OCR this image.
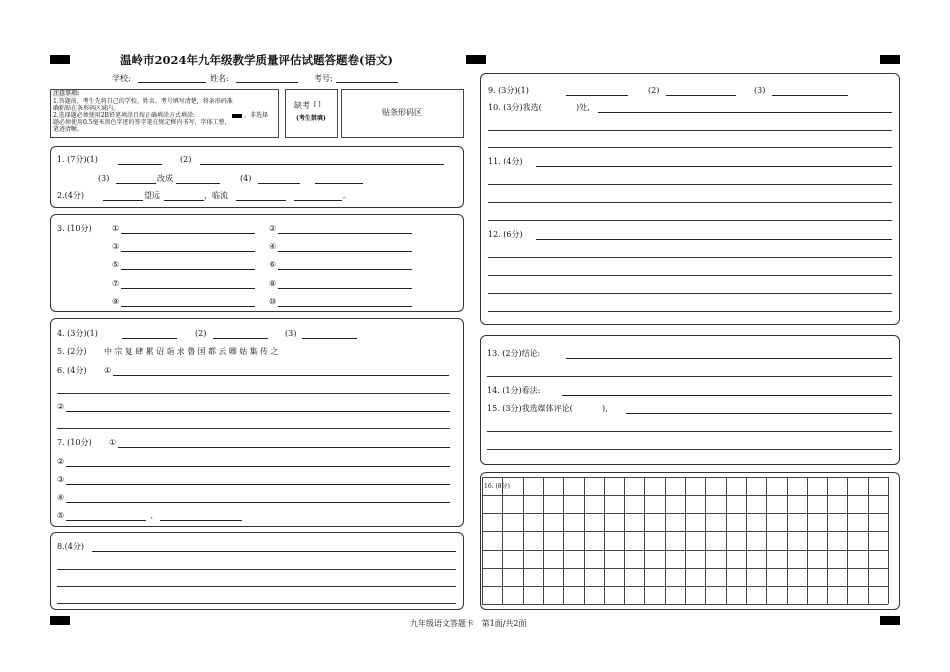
温岭市2024年九年级教学质量评估试题答题卷(语文)
学校:	姓名:	考号:
注意事项:
1.答题前，考生先将自己的学校、姓名、考号填写清楚，将条形码准
确粘贴在条形码区域内。
2.选择题必须使用2B铅笔填涂且按正确填涂方式填涂:	，非选择
题必须使用0.5毫米黑色字迹的签字笔在规定框内书写，字体工整,
笔迹清晰。
缺考 [ ]
(考生禁填)
贴条形码区
1. (7分)(1)	(2)
(3)	改成	(4)
2.(4分)	望远	，临流	。
3. (10分)	①	②
③	④
⑤	⑥
⑦	⑧
⑨	⑩
4. (3分)(1)	(2)	(3)
5. (2分) 中宗复肆累诏诣求鲁国都云卿姑集传之
6. (4分) ①
②
7. (10分) ①
②
③
④
⑤	、
8.(4分)
9. (3分)(1)	(2)	(3)
10. (3分)我选(	)处,
11. (4分)
12. (6分)
13. (2分)结论:
14. (1分)看法:
15. (3分)我选媒体评论(	),
16. (8分)
九年级语文答题卡   第1面/共2面
